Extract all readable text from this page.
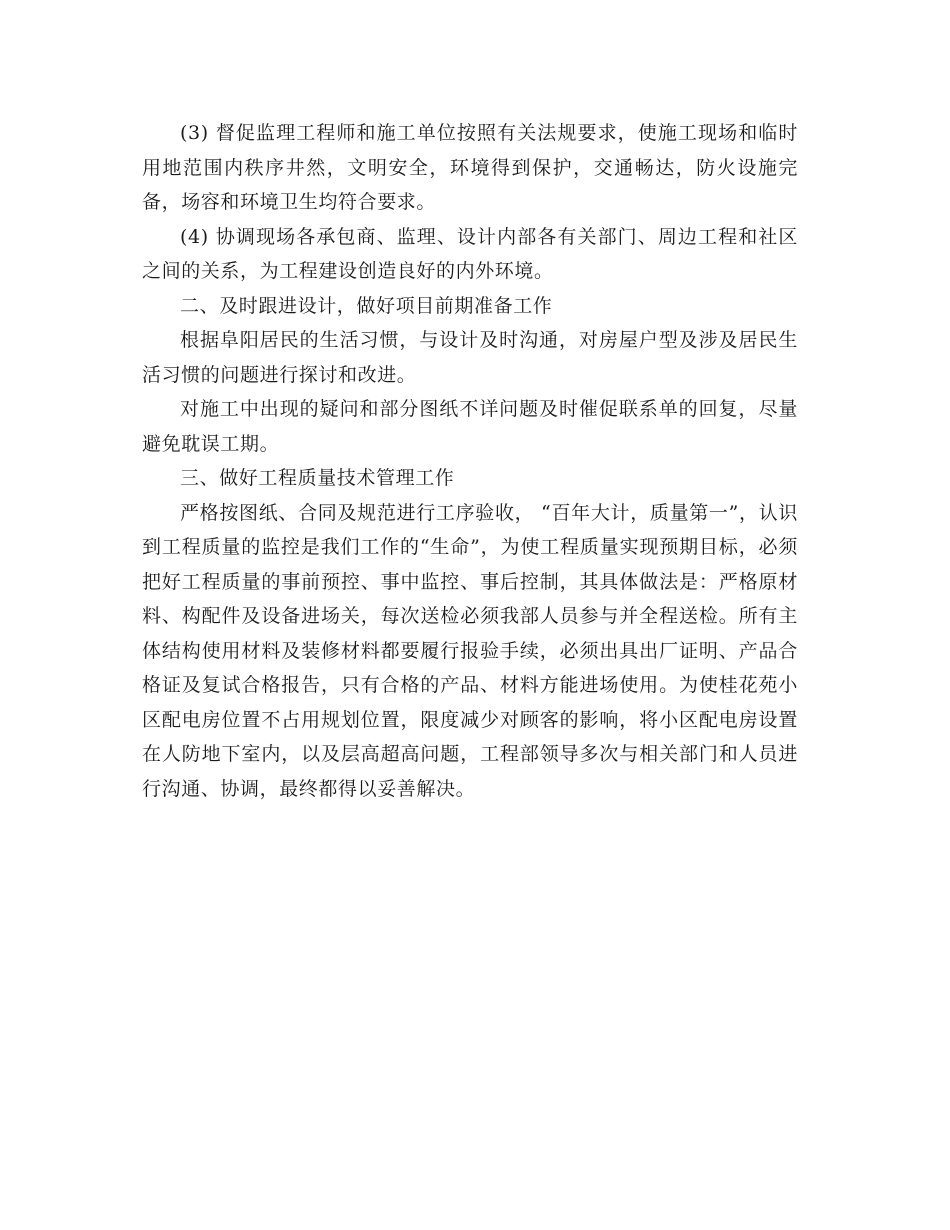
(3) 督促监理工程师和施工单位按照有关法规要求，使施工现场和临时用地范围内秩序井然，文明安全，环境得到保护，交通畅达，防火设施完备，场容和环境卫生均符合要求。

(4) 协调现场各承包商、监理、设计内部各有关部门、周边工程和社区之间的关系，为工程建设创造良好的内外环境。

二、及时跟进设计，做好项目前期准备工作

根据阜阳居民的生活习惯，与设计及时沟通，对房屋户型及涉及居民生活习惯的问题进行探讨和改进。

对施工中出现的疑问和部分图纸不详问题及时催促联系单的回复，尽量避免耽误工期。

三、做好工程质量技术管理工作

严格按图纸、合同及规范进行工序验收， “百年大计，质量第一”，认识到工程质量的监控是我们工作的“生命”，为使工程质量实现预期目标，必须把好工程质量的事前预控、事中监控、事后控制，其具体做法是：严格原材料、构配件及设备进场关，每次送检必须我部人员参与并全程送检。所有主体结构使用材料及装修材料都要履行报验手续，必须出具出厂证明、产品合格证及复试合格报告，只有合格的产品、材料方能进场使用。为使桂花苑小区配电房位置不占用规划位置，限度减少对顾客的影响，将小区配电房设置在人防地下室内，以及层高超高问题，工程部领导多次与相关部门和人员进行沟通、协调，最终都得以妥善解决。
